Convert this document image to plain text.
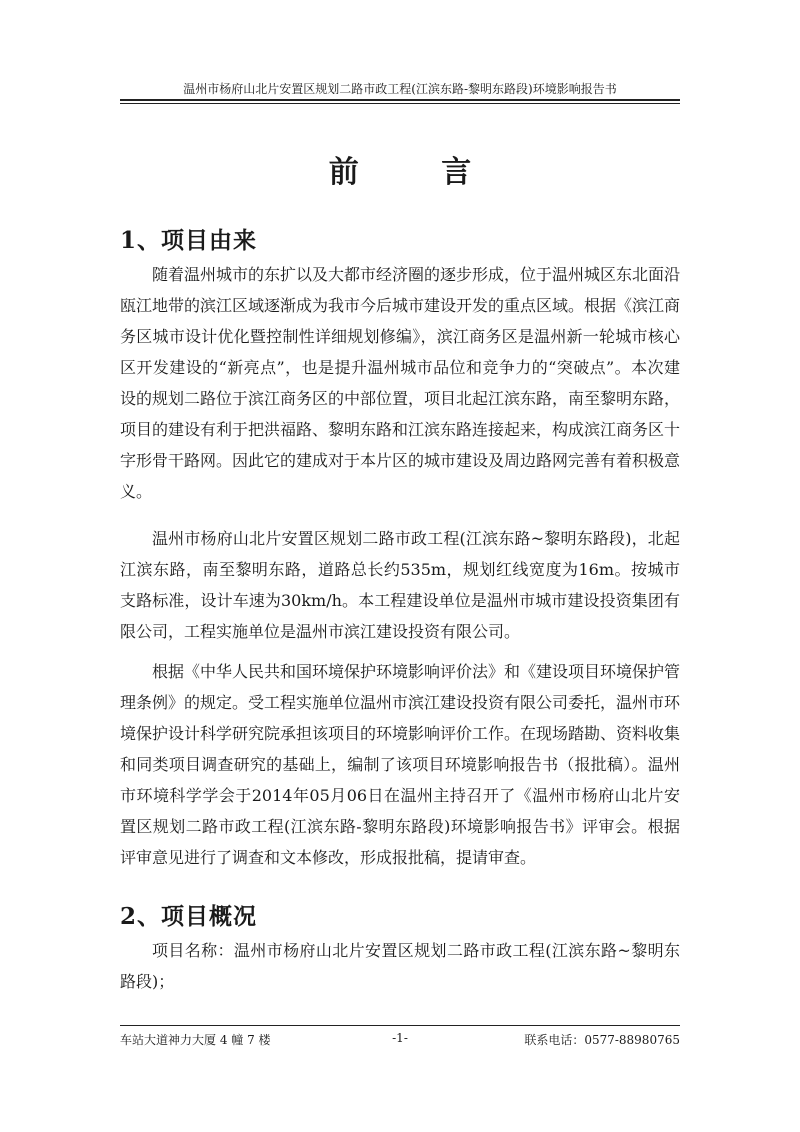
温州市杨府山北片安置区规划二路市政工程(江滨东路-黎明东路段)环境影响报告书
前 言
1、项目由来

随着温州城市的东扩以及大都市经济圈的逐步形成，位于温州城区东北面沿瓯江地带的滨江区域逐渐成为我市今后城市建设开发的重点区域。根据《滨江商务区城市设计优化暨控制性详细规划修编》，滨江商务区是温州新一轮城市核心区开发建设的“新亮点”，也是提升温州城市品位和竞争力的“突破点”。本次建设的规划二路位于滨江商务区的中部位置，项目北起江滨东路，南至黎明东路，项目的建设有利于把洪福路、黎明东路和江滨东路连接起来，构成滨江商务区十字形骨干路网。因此它的建成对于本片区的城市建设及周边路网完善有着积极意义。

温州市杨府山北片安置区规划二路市政工程(江滨东路~黎明东路段)，北起江滨东路，南至黎明东路，道路总长约535m，规划红线宽度为16m。按城市支路标准，设计车速为30km/h。本工程建设单位是温州市城市建设投资集团有限公司，工程实施单位是温州市滨江建设投资有限公司。

根据《中华人民共和国环境保护环境影响评价法》和《建设项目环境保护管理条例》的规定。受工程实施单位温州市滨江建设投资有限公司委托，温州市环境保护设计科学研究院承担该项目的环境影响评价工作。在现场踏勘、资料收集和同类项目调查研究的基础上，编制了该项目环境影响报告书（报批稿）。温州市环境科学学会于2014年05月06日在温州主持召开了《温州市杨府山北片安置区规划二路市政工程(江滨东路-黎明东路段)环境影响报告书》评审会。根据评审意见进行了调查和文本修改，形成报批稿，提请审查。

2、项目概况

项目名称：温州市杨府山北片安置区规划二路市政工程(江滨东路~黎明东路段)；

车站大道神力大厦 4 幢 7 楼	-1-	联系电话：0577-88980765
